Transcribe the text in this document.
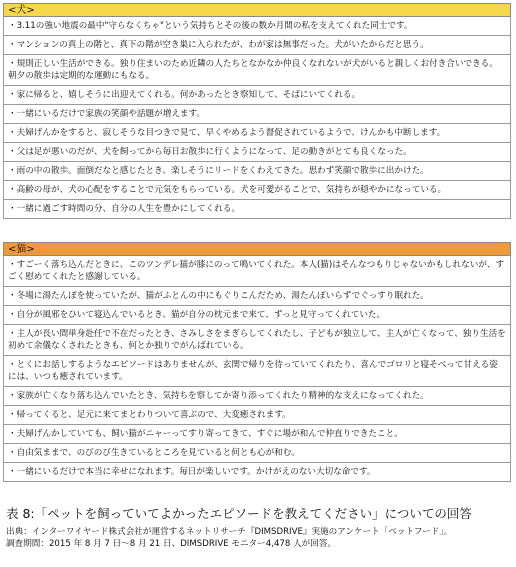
<犬>
・3.11の強い地震の最中"守らなくちゃ"という気持ちとその後の数か月間の私を支えてくれた同士です。
・マンションの真上の階と、真下の階が空き巣に入られたが、わが家は無事だった。犬がいたからだと思う。
・規則正しい生活ができる。独り住まいのため近隣の人たちとなかなか仲良くなれないが犬がいると親しくお付き合いできる。朝夕の散歩は定期的な運動にもなる。
・家に帰ると、嬉しそうに出迎えてくれる。何かあったとき察知して、そばにいてくれる。
・一緒にいるだけで家族の笑顔や話題が増えます。
・夫婦げんかをすると、寂しそうな目つきで見て、早くやめるよう督促されているようで、けんかも中断します。
・父は足が悪いのだが、犬を飼ってから毎日お散歩に行くようになって、足の動きがとても良くなった。
・雨の中の散歩。面倒だなと感じたとき、楽しそうにリードをくわえてきた。思わず笑顔で散歩に出かけた。
・高齢の母が、犬の心配をすることで元気をもらっている。犬を可愛がることで、気持ちが穏やかになっている。
・一緒に過ごす時間の分、自分の人生を豊かにしてくれる。
<猫>
・すごーく落ち込んだときに、このツンデレ猫が膝にのって鳴いてくれた。本人(猫)はそんなつもりじゃないかもしれないが、すごく慰めてくれたと感謝している。
・冬場に湯たんぽを使っていたが、猫がふとんの中にもぐりこんだため、湯たんぽいらずでぐっすり眠れた。
・自分が風邪をひいて寝込んでいるとき、猫が自分の枕元まで来て、ずっと見守ってくれていた。
・主人が長い間単身赴任で不在だったとき、さみしさをまぎらしてくれたし、子どもが独立して、主人が亡くなって、独り生活を初めて余儀なくされたときも、何とか独りでがんばれている。
・とくにお話しするようなエピソードはありませんが、玄関で帰りを待っていてくれたり、喜んでゴロリと寝そべって甘える姿には、いつも癒されています。
・家族が亡くなり落ち込んでいたとき、気持ちを察してか寄り添ってくれたり精神的な支えになってくれた。
・帰ってくると、足元に来てまとわりついて喜ぶので、大変癒されます。
・夫婦げんかしていても、飼い猫がニャーってすり寄ってきて、すぐに場が和んで仲直りできたこと。
・自由気ままで、のびのび生きているところを見ていると何とも心が和む。
・一緒にいるだけで本当に幸せになれます。毎日が楽しいです。かけがえのない大切な命です。
表 8:「ペットを飼っていてよかったエピソードを教えてください」についての回答
出典：インターワイヤード株式会社が運営するネットリサーチ『DIMSDRIVE』実施のアンケート「ペットフード」。
調査期間：2015 年 8 月 7 日～8 月 21 日、DIMSDRIVE モニター4,478 人が回答。
